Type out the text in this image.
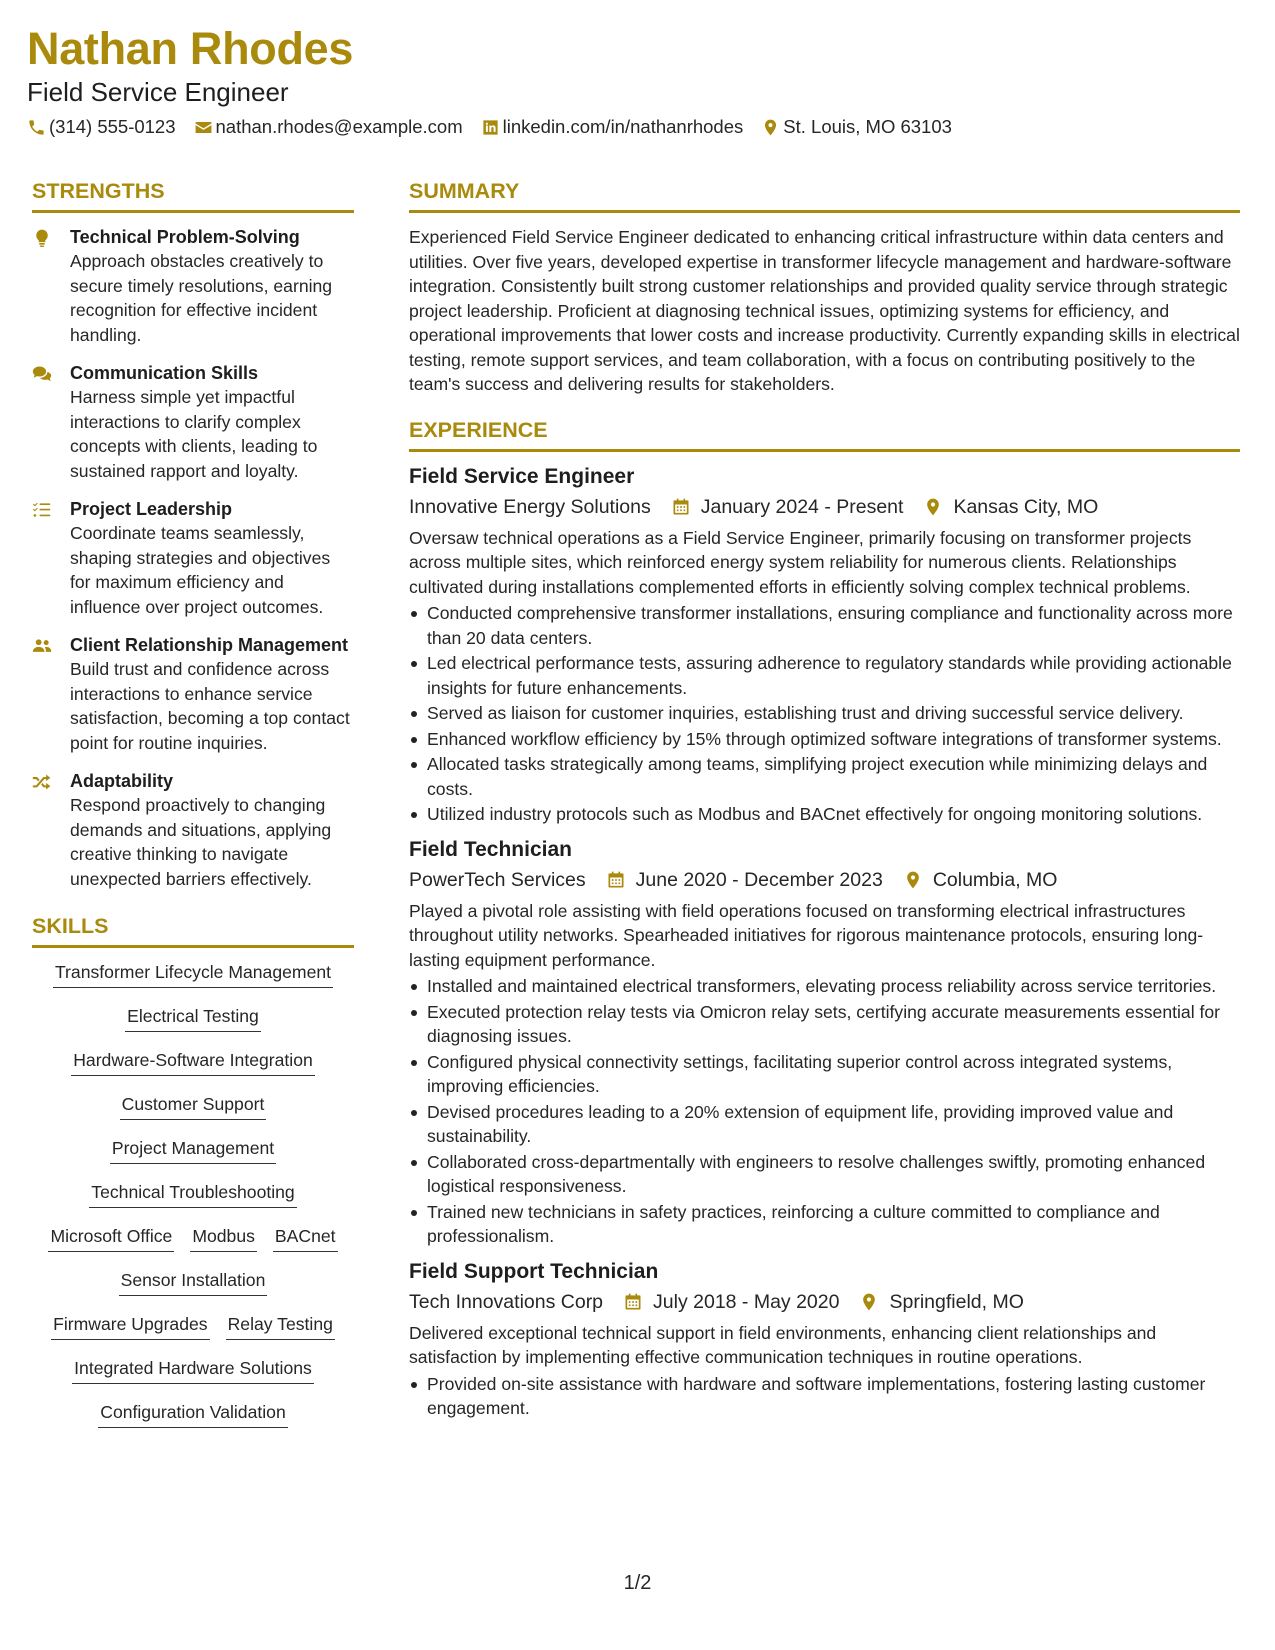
Nathan Rhodes
Field Service Engineer
(314) 555-0123 nathan.rhodes@example.com linkedin.com/in/nathanrhodes St. Louis, MO 63103
STRENGTHS
Technical Problem-Solving
Approach obstacles creatively to secure timely resolutions, earning recognition for effective incident handling.
Communication Skills
Harness simple yet impactful interactions to clarify complex concepts with clients, leading to sustained rapport and loyalty.
Project Leadership
Coordinate teams seamlessly, shaping strategies and objectives for maximum efficiency and influence over project outcomes.
Client Relationship Management
Build trust and confidence across interactions to enhance service satisfaction, becoming a top contact point for routine inquiries.
Adaptability
Respond proactively to changing demands and situations, applying creative thinking to navigate unexpected barriers effectively.
SKILLS
Transformer Lifecycle Management
Electrical Testing
Hardware-Software Integration
Customer Support
Project Management
Technical Troubleshooting
Microsoft Office Modbus BACnet
Sensor Installation
Firmware Upgrades Relay Testing
Integrated Hardware Solutions
Configuration Validation
SUMMARY

Experienced Field Service Engineer dedicated to enhancing critical infrastructure within data centers and utilities. Over five years, developed expertise in transformer lifecycle management and hardware-software integration. Consistently built strong customer relationships and provided quality service through strategic project leadership. Proficient at diagnosing technical issues, optimizing systems for efficiency, and operational improvements that lower costs and increase productivity. Currently expanding skills in electrical testing, remote support services, and team collaboration, with a focus on contributing positively to the team's success and delivering results for stakeholders.

EXPERIENCE
Field Service Engineer
Innovative Energy Solutions	January 2024 - Present	Kansas City, MO

Oversaw technical operations as a Field Service Engineer, primarily focusing on transformer projects across multiple sites, which reinforced energy system reliability for numerous clients. Relationships cultivated during installations complemented efforts in efficiently solving complex technical problems.

Conducted comprehensive transformer installations, ensuring compliance and functionality across more than 20 data centers.
Led electrical performance tests, assuring adherence to regulatory standards while providing actionable insights for future enhancements.
Served as liaison for customer inquiries, establishing trust and driving successful service delivery.
Enhanced workflow efficiency by 15% through optimized software integrations of transformer systems.
Allocated tasks strategically among teams, simplifying project execution while minimizing delays and costs.
Utilized industry protocols such as Modbus and BACnet effectively for ongoing monitoring solutions.
Field Technician
PowerTech Services	June 2020 - December 2023	Columbia, MO

Played a pivotal role assisting with field operations focused on transforming electrical infrastructures throughout utility networks. Spearheaded initiatives for rigorous maintenance protocols, ensuring long-lasting equipment performance.

Installed and maintained electrical transformers, elevating process reliability across service territories.
Executed protection relay tests via Omicron relay sets, certifying accurate measurements essential for diagnosing issues.
Configured physical connectivity settings, facilitating superior control across integrated systems, improving efficiencies.
Devised procedures leading to a 20% extension of equipment life, providing improved value and sustainability.
Collaborated cross-departmentally with engineers to resolve challenges swiftly, promoting enhanced logistical responsiveness.
Trained new technicians in safety practices, reinforcing a culture committed to compliance and professionalism.
Field Support Technician
Tech Innovations Corp	July 2018 - May 2020	Springfield, MO

Delivered exceptional technical support in field environments, enhancing client relationships and satisfaction by implementing effective communication techniques in routine operations.

Provided on-site assistance with hardware and software implementations, fostering lasting customer engagement.
1/2
